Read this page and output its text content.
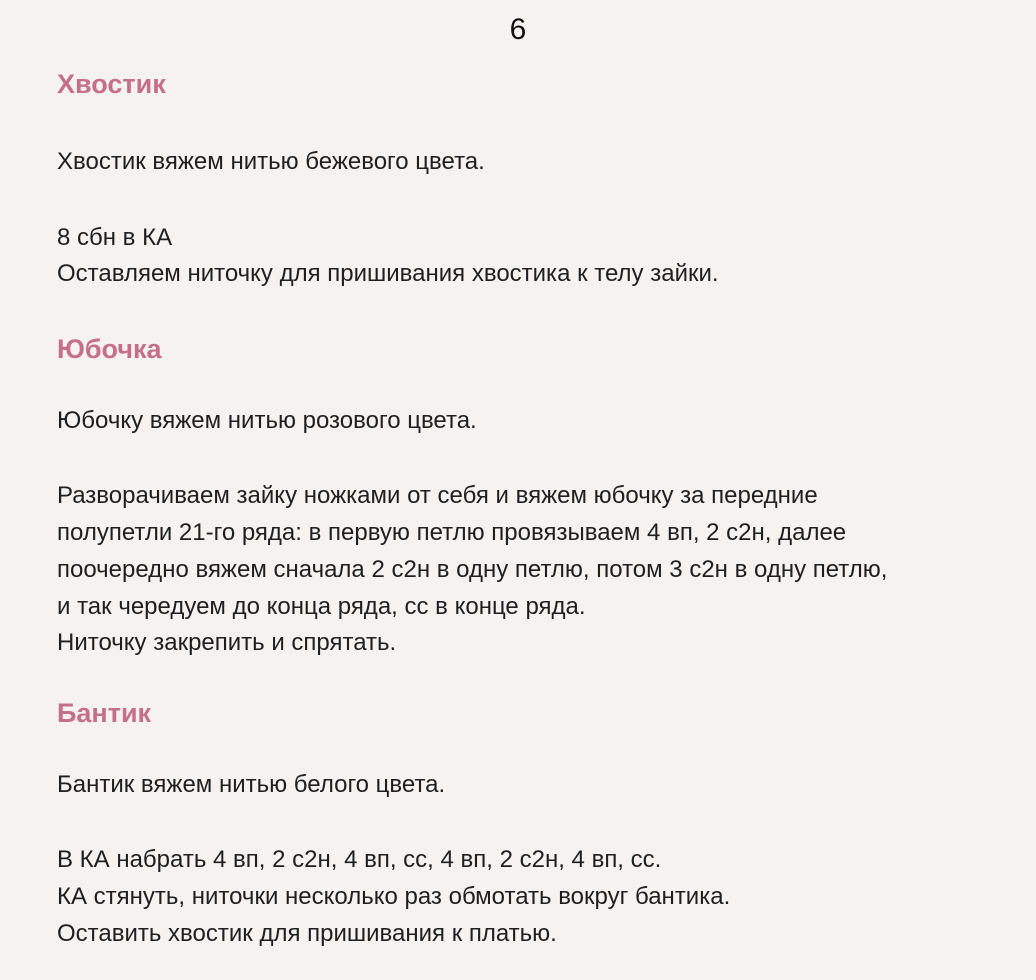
6
Хвостик
Хвостик вяжем нитью бежевого цвета.
8 сбн в КА
Оставляем ниточку для пришивания хвостика к телу зайки.
Юбочка
Юбочку вяжем нитью розового цвета.
Разворачиваем зайку ножками от себя и вяжем юбочку за передние
полупетли 21-го ряда: в первую петлю провязываем 4 вп, 2 с2н, далее
поочередно вяжем сначала 2 с2н в одну петлю, потом 3 с2н в одну петлю,
и так чередуем до конца ряда, сс в конце ряда.
Ниточку закрепить и спрятать.
Бантик
Бантик вяжем нитью белого цвета.
В КА набрать 4 вп, 2 с2н, 4 вп, сс, 4 вп, 2 с2н, 4 вп, сс.
КА стянуть, ниточки несколько раз обмотать вокруг бантика.
Оставить хвостик для пришивания к платью.
